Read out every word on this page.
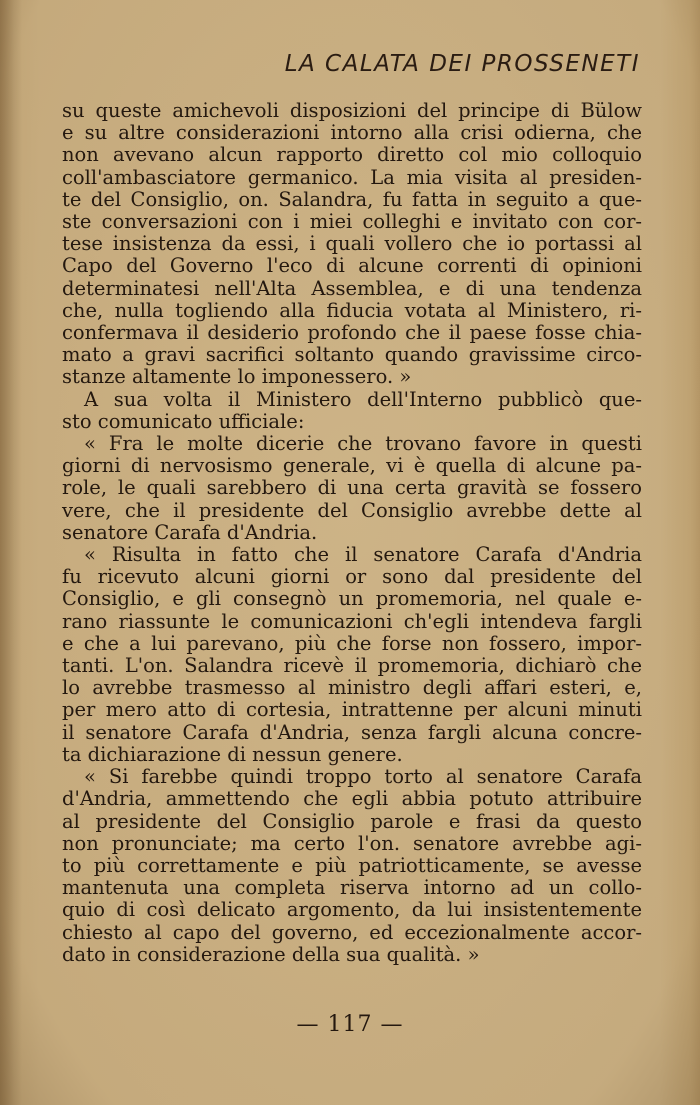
LA CALATA DEI PROSSENETI
su queste amichevoli disposizioni del principe di Bülow
e su altre considerazioni intorno alla crisi odierna, che
non avevano alcun rapporto diretto col mio colloquio
coll'ambasciatore germanico. La mia visita al presiden-
te del Consiglio, on. Salandra, fu fatta in seguito a que-
ste conversazioni con i miei colleghi e invitato con cor-
tese insistenza da essi, i quali vollero che io portassi al
Capo del Governo l'eco di alcune correnti di opinioni
determinatesi nell'Alta Assemblea, e di una tendenza
che, nulla togliendo alla fiducia votata al Ministero, ri-
confermava il desiderio profondo che il paese fosse chia-
mato a gravi sacrifici soltanto quando gravissime circo-
stanze altamente lo imponessero. »
A sua volta il Ministero dell'Interno pubblicò que-
sto comunicato ufficiale:
« Fra le molte dicerie che trovano favore in questi
giorni di nervosismo generale, vi è quella di alcune pa-
role, le quali sarebbero di una certa gravità se fossero
vere, che il presidente del Consiglio avrebbe dette al
senatore Carafa d'Andria.
« Risulta in fatto che il senatore Carafa d'Andria
fu ricevuto alcuni giorni or sono dal presidente del
Consiglio, e gli consegnò un promemoria, nel quale e-
rano riassunte le comunicazioni ch'egli intendeva fargli
e che a lui parevano, più che forse non fossero, impor-
tanti. L'on. Salandra ricevè il promemoria, dichiarò che
lo avrebbe trasmesso al ministro degli affari esteri, e,
per mero atto di cortesia, intrattenne per alcuni minuti
il senatore Carafa d'Andria, senza fargli alcuna concre-
ta dichiarazione di nessun genere.
« Si farebbe quindi troppo torto al senatore Carafa
d'Andria, ammettendo che egli abbia potuto attribuire
al presidente del Consiglio parole e frasi da questo
non pronunciate; ma certo l'on. senatore avrebbe agi-
to più correttamente e più patriotticamente, se avesse
mantenuta una completa riserva intorno ad un collo-
quio di così delicato argomento, da lui insistentemente
chiesto al capo del governo, ed eccezionalmente accor-
dato in considerazione della sua qualità. »

— 117 —
